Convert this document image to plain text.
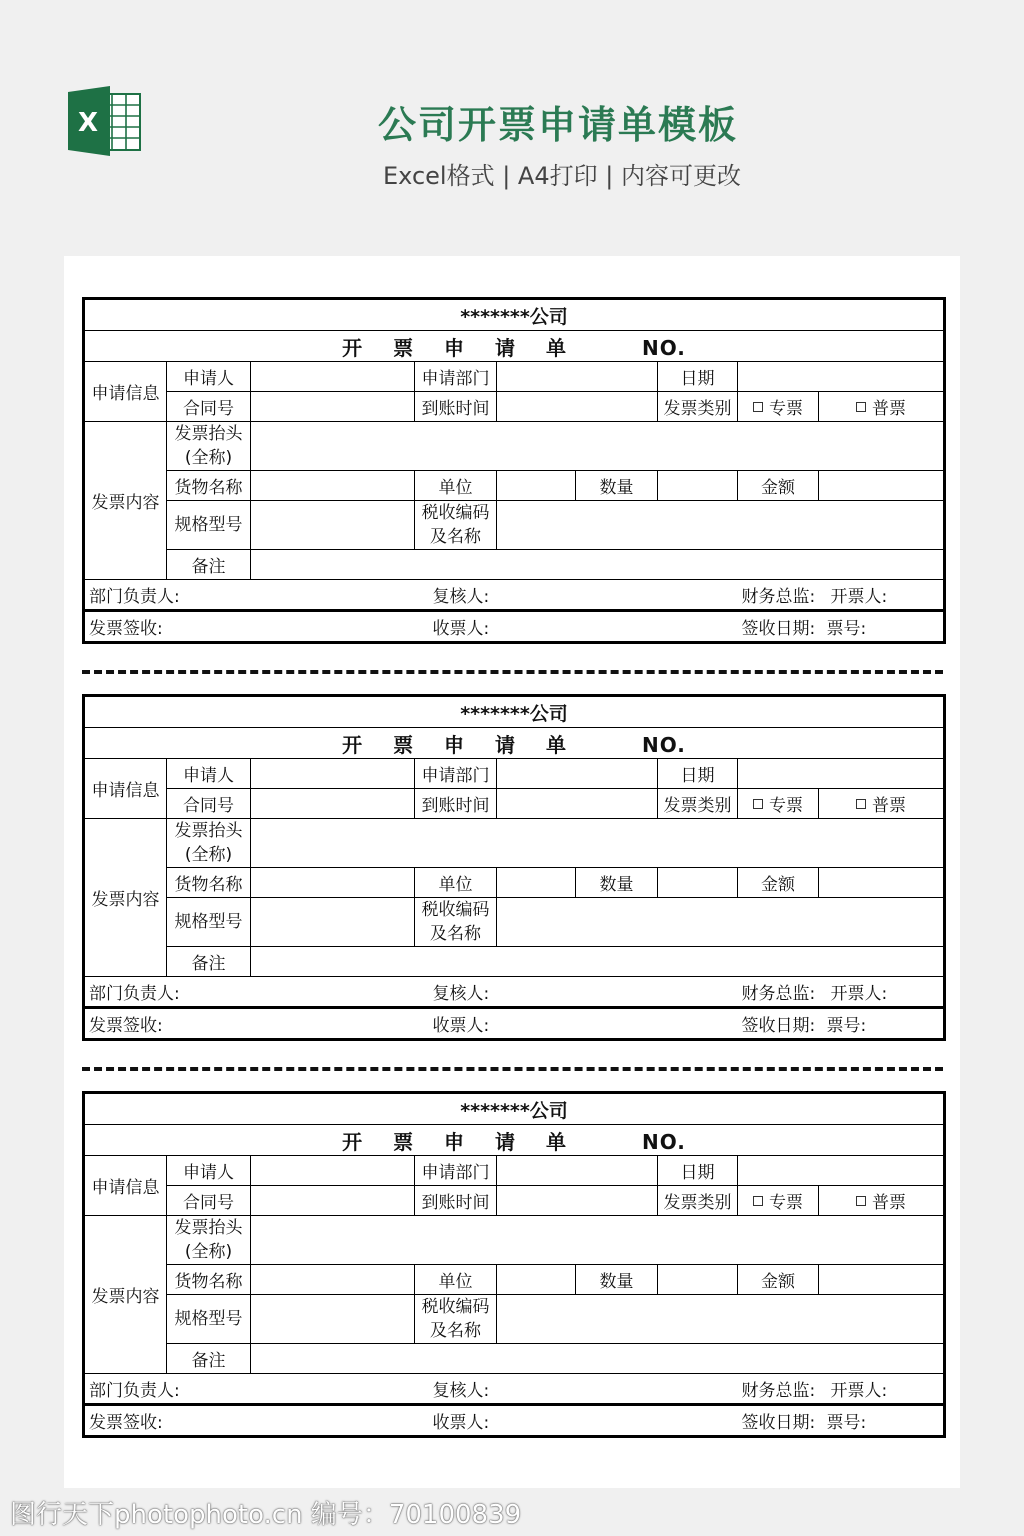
X	公司开票申请单模板
Excel格式 | A4打印 | 内容可更改
*******公司								
开 票 申 请 单 NO.								
申请信息	申请人		申请部门			日期		
	合同号		到账时间			发票类别	专票	普票
发票内容	发票抬头
(全称)							
	货物名称		单位		数量		金额	
	规格型号		税收编码
及名称					
	备注							
部门负责人:			复核人:			财务总监:		开票人:
发票签收:			收票人:			签收日期:		票号:
*******公司								
开 票 申 请 单 NO.								
申请信息	申请人		申请部门			日期		
	合同号		到账时间			发票类别	专票	普票
发票内容	发票抬头
(全称)							
	货物名称		单位		数量		金额	
	规格型号		税收编码
及名称					
	备注							
部门负责人:			复核人:			财务总监:		开票人:
发票签收:			收票人:			签收日期:		票号:
*******公司								
开 票 申 请 单 NO.								
申请信息	申请人		申请部门			日期		
	合同号		到账时间			发票类别	专票	普票
发票内容	发票抬头
(全称)							
	货物名称		单位		数量		金额	
	规格型号		税收编码
及名称					
	备注							
部门负责人:			复核人:			财务总监:		开票人:
发票签收:			收票人:			签收日期:		票号:
图行天下photophoto.cn 编号：70100839
